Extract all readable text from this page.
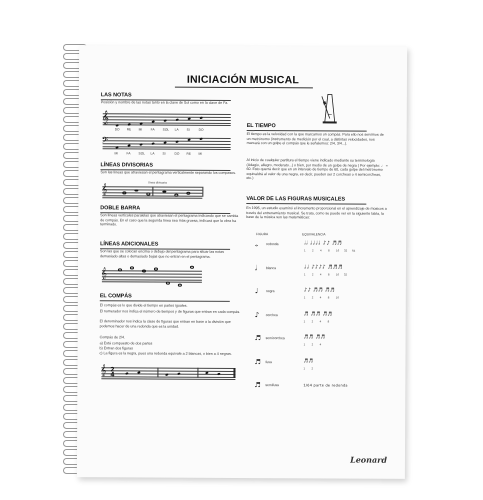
INICIACIÓN MUSICAL
LAS NOTAS
Posición y nombre de las notas tanto en la clave de Sol como en la clave de Fa.
𝄞
DO	RE	MI	FA	SOL	LA	SI	DO
𝄢
MI	FA	SOL	LA	SI	DO	RE	MI
LÍNEAS DIVISORIAS
Son las líneas que atraviesan el pentagrama verticalmente separando los compases.
línea divisoria
𝄞
DOBLE BARRA
Son líneas verticales paralelas que atraviesan el pentagrama indicando que se cambia de compás. En el caso que la segunda línea sea más gruesa, indicará que la obra ha terminado.
LÍNEAS ADICIONALES
Son las que se colocan encima o debajo del pentagrama para situar las notas demasiado altas o demasiado bajas que no entran en el pentagrama.
𝄞
EL COMPÁS
El compás es lo que divide el tiempo en partes iguales.
El numerador nos indica el número de tiempos y de figuras que entran en cada compás.
El denominador nos indica la clase de figuras que entran en base a la división que podemos hacer de una redonda que es la unidad.
Compás de 2/4.
a) Está compuesto de dos partes
b) Entran dos figuras
c) La figura es la negra, pues una redonda equivale a 2 blancas, o bien a 4 negras.
𝄞 2
4
EL TIEMPO
El tiempo es la velocidad con la que marcamos un compás. Para ello nos servimos de un metrónomo (instrumento de medición por el cual, a distintas velocidades, nos marcará con un golpe el compás que le señalemos: 2/4, 3/4...).
Al inicio de cualquier partitura el tiempo viene indicado mediante su terminología (Adagio, allegro, moderato...) o bien, por medio de un golpe de negra ( Por ejemplo: ♩ = 60. Esto querrá decir que en un intervalo de tiempo de 60, cada golpe del metrónomo equivaldrá al valor de una negra, es decir, pueden ser 2 corcheas o 4 semicorcheas, etc.)
VALOR DE LAS FIGURAS MUSICALES
En 1995, un estudio examinó el incremento proporcional en el aprendizaje de músicos a través del entrenamiento musical. Se trata, como se puede ver en la siguiente tabla, la base de la música son las matemáticas:
FIGURA	EQUIVALENCIA
Leonard
𝅝 redonda	𝅗𝅥𝅗𝅥 ♩♩♩♩ ♪♪ ♬♬
1	2	4	8	16	32	64
𝅗𝅥	blanca	♩♩ ♪♪♪♪ ♬♬♬
1	2	4	8	16	32
♩ negra	♪♪ ♬♬ ♬♬
1	2	4	8	16
♪ corchea	♬ ♬♬ ♬♬
1	2	4	8
♬ semicorchea	♬♬ ♬♬
1	2	4
♬ fusa	♬♬
1	2
♬ semifusa	1/64 parte de redonda
